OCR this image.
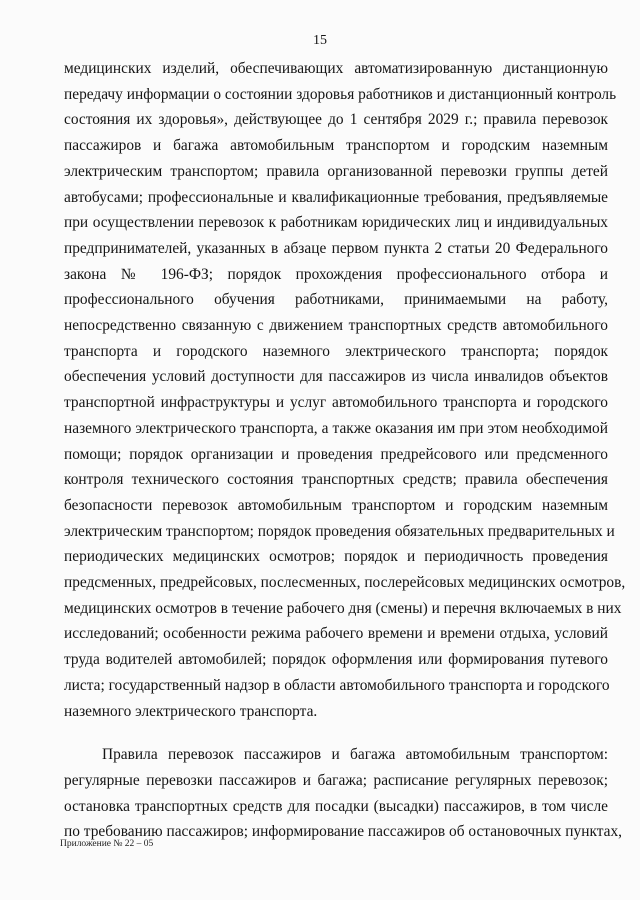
15
медицинских изделий, обеспечивающих автоматизированную дистанционную
передачу информации о состоянии здоровья работников и дистанционный контроль
состояния их здоровья», действующее до 1 сентября 2029 г.; правила перевозок
пассажиров и багажа автомобильным транспортом и городским наземным
электрическим транспортом; правила организованной перевозки группы детей
автобусами; профессиональные и квалификационные требования, предъявляемые
при осуществлении перевозок к работникам юридических лиц и индивидуальных
предпринимателей, указанных в абзаце первом пункта 2 статьи 20 Федерального
закона № 196-ФЗ; порядок прохождения профессионального отбора и
профессионального обучения работниками, принимаемыми на работу,
непосредственно связанную с движением транспортных средств автомобильного
транспорта и городского наземного электрического транспорта; порядок
обеспечения условий доступности для пассажиров из числа инвалидов объектов
транспортной инфраструктуры и услуг автомобильного транспорта и городского
наземного электрического транспорта, а также оказания им при этом необходимой
помощи; порядок организации и проведения предрейсового или предсменного
контроля технического состояния транспортных средств; правила обеспечения
безопасности перевозок автомобильным транспортом и городским наземным
электрическим транспортом; порядок проведения обязательных предварительных и
периодических медицинских осмотров; порядок и периодичность проведения
предсменных, предрейсовых, послесменных, послерейсовых медицинских осмотров,
медицинских осмотров в течение рабочего дня (смены) и перечня включаемых в них
исследований; особенности режима рабочего времени и времени отдыха, условий
труда водителей автомобилей; порядок оформления или формирования путевого
листа; государственный надзор в области автомобильного транспорта и городского
наземного электрического транспорта.
Правила перевозок пассажиров и багажа автомобильным транспортом:
регулярные перевозки пассажиров и багажа; расписание регулярных перевозок;
остановка транспортных средств для посадки (высадки) пассажиров, в том числе
по требованию пассажиров; информирование пассажиров об остановочных пунктах,
Приложение № 22 – 05
